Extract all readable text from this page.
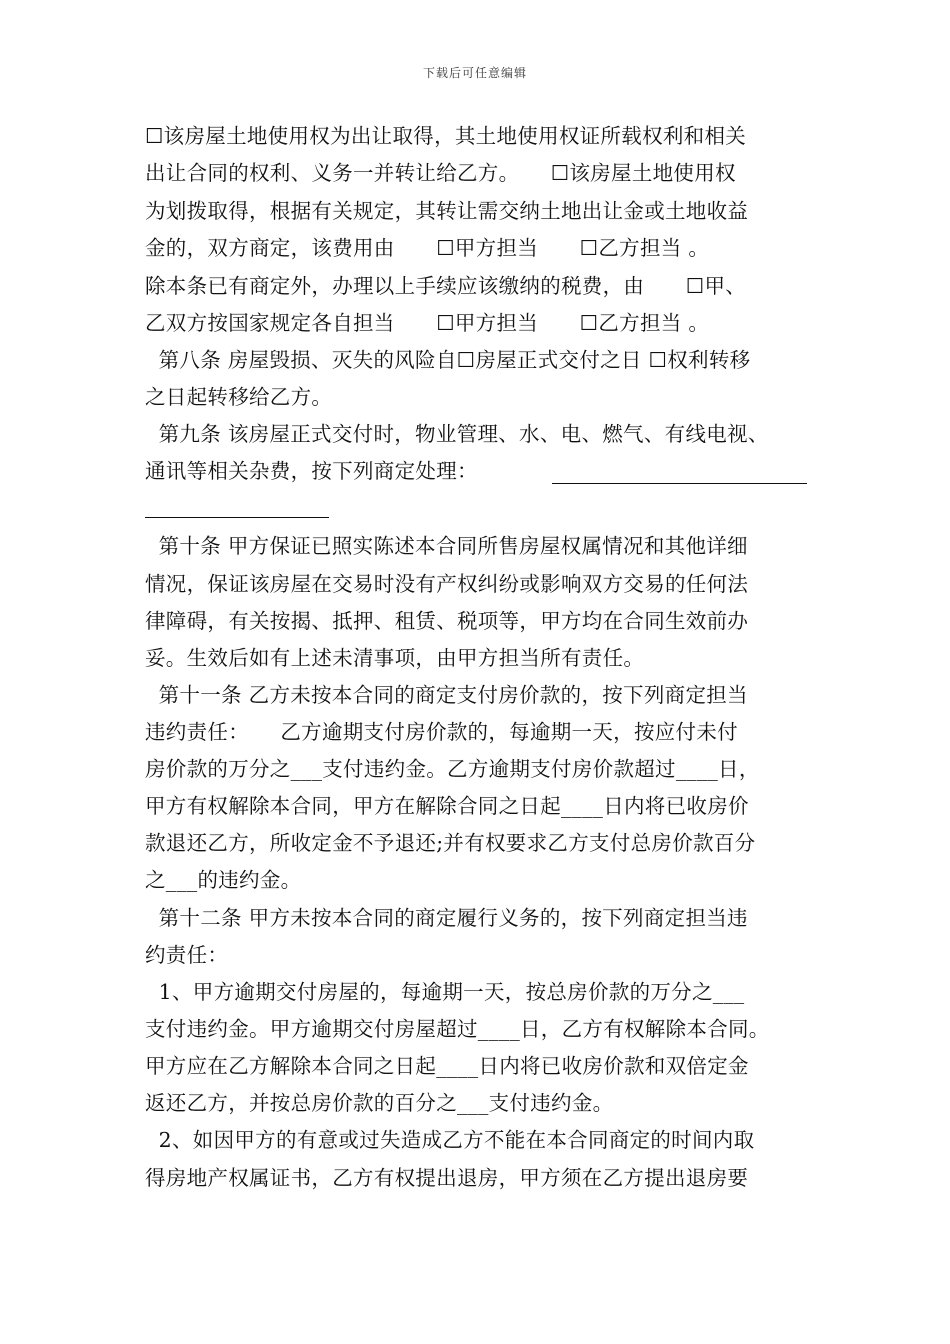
下载后可任意编辑
☐该房屋土地使用权为出让取得，其土地使用权证所载权利和相关
出让合同的权利、义务一并转让给乙方。　　☐该房屋土地使用权
为划拨取得，根据有关规定，其转让需交纳土地出让金或土地收益
金的，双方商定，该费用由　　☐甲方担当　　☐乙方担当 。
除本条已有商定外，办理以上手续应该缴纳的税费，由　　☐甲、
乙双方按国家规定各自担当　　☐甲方担当　　☐乙方担当 。
第八条 房屋毁损、灭失的风险自☐房屋正式交付之日 ☐权利转移
之日起转移给乙方。
第九条 该房屋正式交付时，物业管理、水、电、燃气、有线电视、
通讯等相关杂费，按下列商定处理：
第十条 甲方保证已照实陈述本合同所售房屋权属情况和其他详细
情况，保证该房屋在交易时没有产权纠纷或影响双方交易的任何法
律障碍，有关按揭、抵押、租赁、税项等，甲方均在合同生效前办
妥。生效后如有上述未清事项，由甲方担当所有责任。
第十一条 乙方未按本合同的商定支付房价款的，按下列商定担当
违约责任：　　乙方逾期支付房价款的，每逾期一天，按应付未付
房价款的万分之___支付违约金。乙方逾期支付房价款超过____日，
甲方有权解除本合同，甲方在解除合同之日起____日内将已收房价
款退还乙方，所收定金不予退还;并有权要求乙方支付总房价款百分
之___的违约金。
第十二条 甲方未按本合同的商定履行义务的，按下列商定担当违
约责任：
1、甲方逾期交付房屋的，每逾期一天，按总房价款的万分之___
支付违约金。甲方逾期交付房屋超过____日，乙方有权解除本合同。
甲方应在乙方解除本合同之日起____日内将已收房价款和双倍定金
返还乙方，并按总房价款的百分之___支付违约金。
2、如因甲方的有意或过失造成乙方不能在本合同商定的时间内取
得房地产权属证书，乙方有权提出退房，甲方须在乙方提出退房要
